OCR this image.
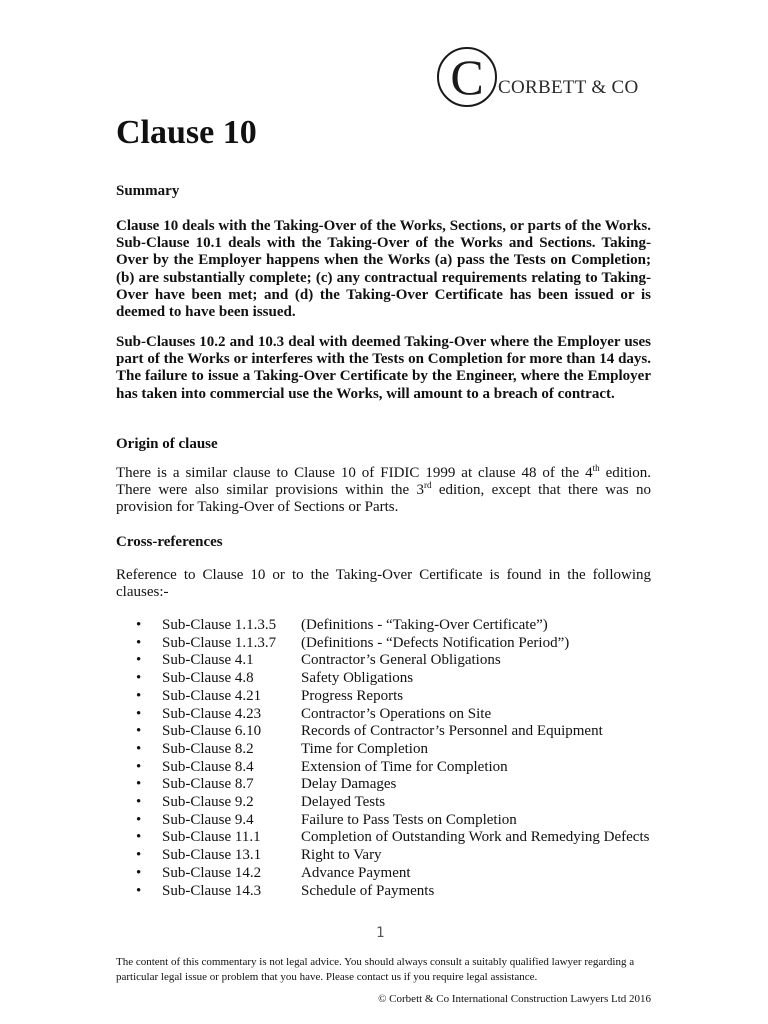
C CORBETT & CO
Clause 10
Summary

Clause 10 deals with the Taking-Over of the Works, Sections, or parts of the Works. Sub-Clause 10.1 deals with the Taking-Over of the Works and Sections. Taking-Over by the Employer happens when the Works (a) pass the Tests on Completion; (b) are substantially complete; (c) any contractual requirements relating to Taking-Over have been met; and (d) the Taking-Over Certificate has been issued or is deemed to have been issued.

Sub-Clauses 10.2 and 10.3 deal with deemed Taking-Over where the Employer uses part of the Works or interferes with the Tests on Completion for more than 14 days. The failure to issue a Taking-Over Certificate by the Engineer, where the Employer has taken into commercial use the Works, will amount to a breach of contract.

Origin of clause

There is a similar clause to Clause 10 of FIDIC 1999 at clause 48 of the 4th edition. There were also similar provisions within the 3rd edition, except that there was no provision for Taking-Over of Sections or Parts.

Cross-references

Reference to Clause 10 or to the Taking-Over Certificate is found in the following clauses:-

•	Sub-Clause 1.1.3.5	(Definitions - “Taking-Over Certificate”)
•	Sub-Clause 1.1.3.7	(Definitions - “Defects Notification Period”)
•	Sub-Clause 4.1	Contractor’s General Obligations
•	Sub-Clause 4.8	Safety Obligations
•	Sub-Clause 4.21	Progress Reports
•	Sub-Clause 4.23	Contractor’s Operations on Site
•	Sub-Clause 6.10	Records of Contractor’s Personnel and Equipment
•	Sub-Clause 8.2	Time for Completion
•	Sub-Clause 8.4	Extension of Time for Completion
•	Sub-Clause 8.7	Delay Damages
•	Sub-Clause 9.2	Delayed Tests
•	Sub-Clause 9.4	Failure to Pass Tests on Completion
•	Sub-Clause 11.1	Completion of Outstanding Work and Remedying Defects
•	Sub-Clause 13.1	Right to Vary
•	Sub-Clause 14.2	Advance Payment
•	Sub-Clause 14.3	Schedule of Payments
1

The content of this commentary is not legal advice. You should always consult a suitably qualified lawyer regarding a particular legal issue or problem that you have. Please contact us if you require legal assistance.

© Corbett & Co International Construction Lawyers Ltd 2016
